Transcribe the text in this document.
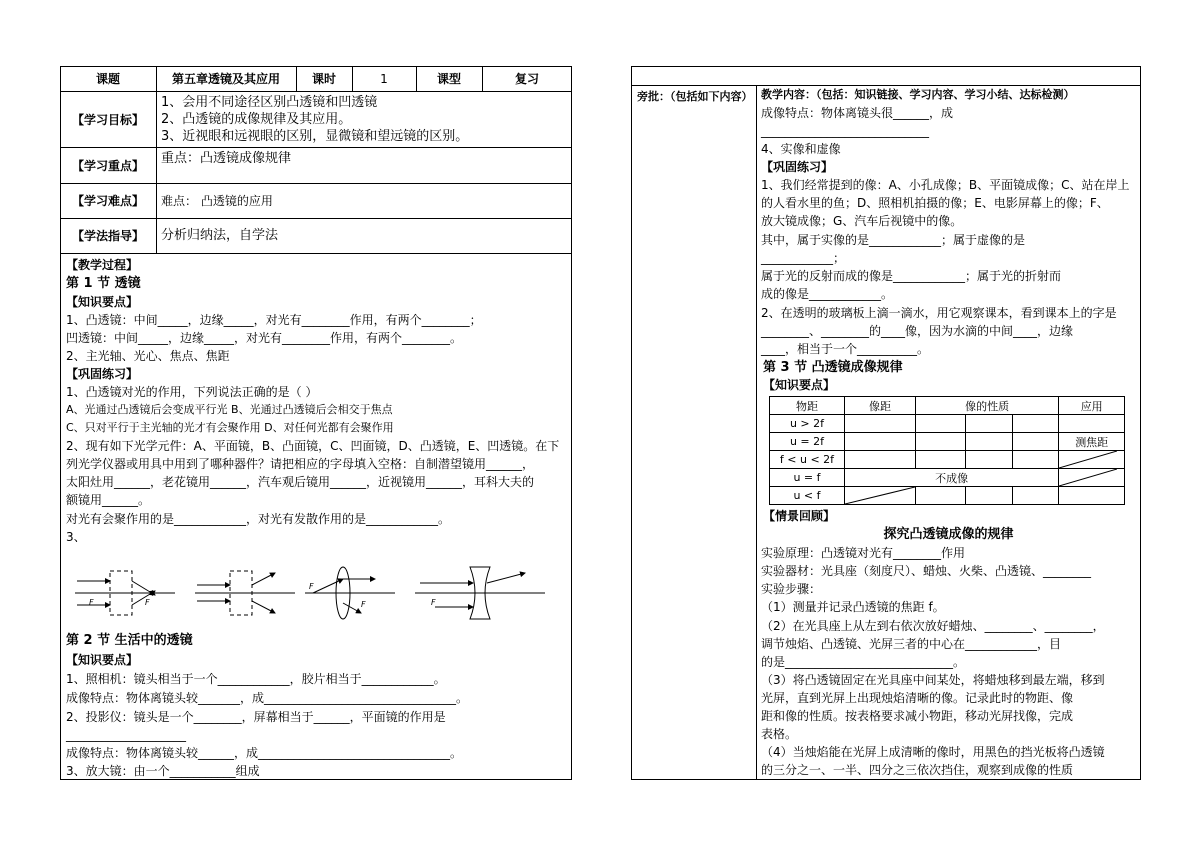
课题	第五章透镜及其应用	课时	1	课型	复习
【学习目标】
1、会用不同途径区别凸透镜和凹透镜
2、凸透镜的成像规律及其应用。
3、近视眼和远视眼的区别，显微镜和望远镜的区别。
【学习重点】	重点：凸透镜成像规律
【学习难点】	难点： 凸透镜的应用
【学法指导】	分析归纳法，自学法
【教学过程】
第 1 节 透镜
【知识要点】
1、凸透镜：中间_____，边缘_____，对光有________作用，有两个________；
凹透镜：中间_____，边缘_____，对光有________作用，有两个________。
2、主光轴、光心、焦点、焦距
【巩固练习】
1、凸透镜对光的作用，下列说法正确的是（ ）
A、光通过凸透镜后会变成平行光 B、光通过凸透镜后会相交于焦点
C、只对平行于主光轴的光才有会聚作用 D、对任何光都有会聚作用
2、现有如下光学元件：A、平面镜，B、凸面镜，C、凹面镜，D、凸透镜，E、凹透镜。在下
列光学仪器或用具中用到了哪种器件？请把相应的字母填入空格：自制潜望镜用______，
太阳灶用______，老花镜用______，汽车观后镜用______，近视镜用______，耳科大夫的
额镜用______。
对光有会聚作用的是____________，对光有发散作用的是____________。
3、
F	F
F
F	F
第 2 节 生活中的透镜
【知识要点】
1、照相机：镜头相当于一个____________，胶片相当于____________。
成像特点：物体离镜头较_______，成________________________________。
2、投影仪：镜头是一个________，屏幕相当于______，平面镜的作用是
____________________
成像特点：物体离镜头较______，成________________________________。
3、放大镜：由一个___________组成
旁批：（包括如下内容） 教学内容：（包括：知识链接、学习内容、学习小结、达标检测）
成像特点：物体离镜头很______，成
____________________________
4、实像和虚像
【巩固练习】
1、我们经常提到的像：A、小孔成像；B、平面镜成像；C、站在岸上
的人看水里的鱼；D、照相机拍摄的像；E、电影屏幕上的像；F、
放大镜成像；G、汽车后视镜中的像。
其中，属于实像的是____________；属于虚像的是
____________；
属于光的反射而成的像是____________；属于光的折射而
成的像是____________。
2、在透明的玻璃板上滴一滴水，用它观察课本，看到课本上的字是
________、________的____像，因为水滴的中间____，边缘
____，相当于一个__________。
第 3 节 凸透镜成像规律
【知识要点】
物距	像距	像的性质			应用
u > 2f					
u = 2f					测焦距
f < u < 2f					

u = f	不成像	

u < f	

【情景回顾】
探究凸透镜成像的规律
实验原理：凸透镜对光有________作用
实验器材：光具座（刻度尺）、蜡烛、火柴、凸透镜、________
实验步骤：
（1）测量并记录凸透镜的焦距 f。
（2）在光具座上从左到右依次放好蜡烛、________、________，
调节烛焰、凸透镜、光屏三者的中心在____________，目
的是____________________________。
（3）将凸透镜固定在光具座中间某处，将蜡烛移到最左端，移到
光屏，直到光屏上出现烛焰清晰的像。记录此时的物距、像
距和像的性质。按表格要求减小物距，移动光屏找像，完成
表格。
（4）当烛焰能在光屏上成清晰的像时，用黑色的挡光板将凸透镜
的三分之一、一半、四分之三依次挡住，观察到成像的性质
